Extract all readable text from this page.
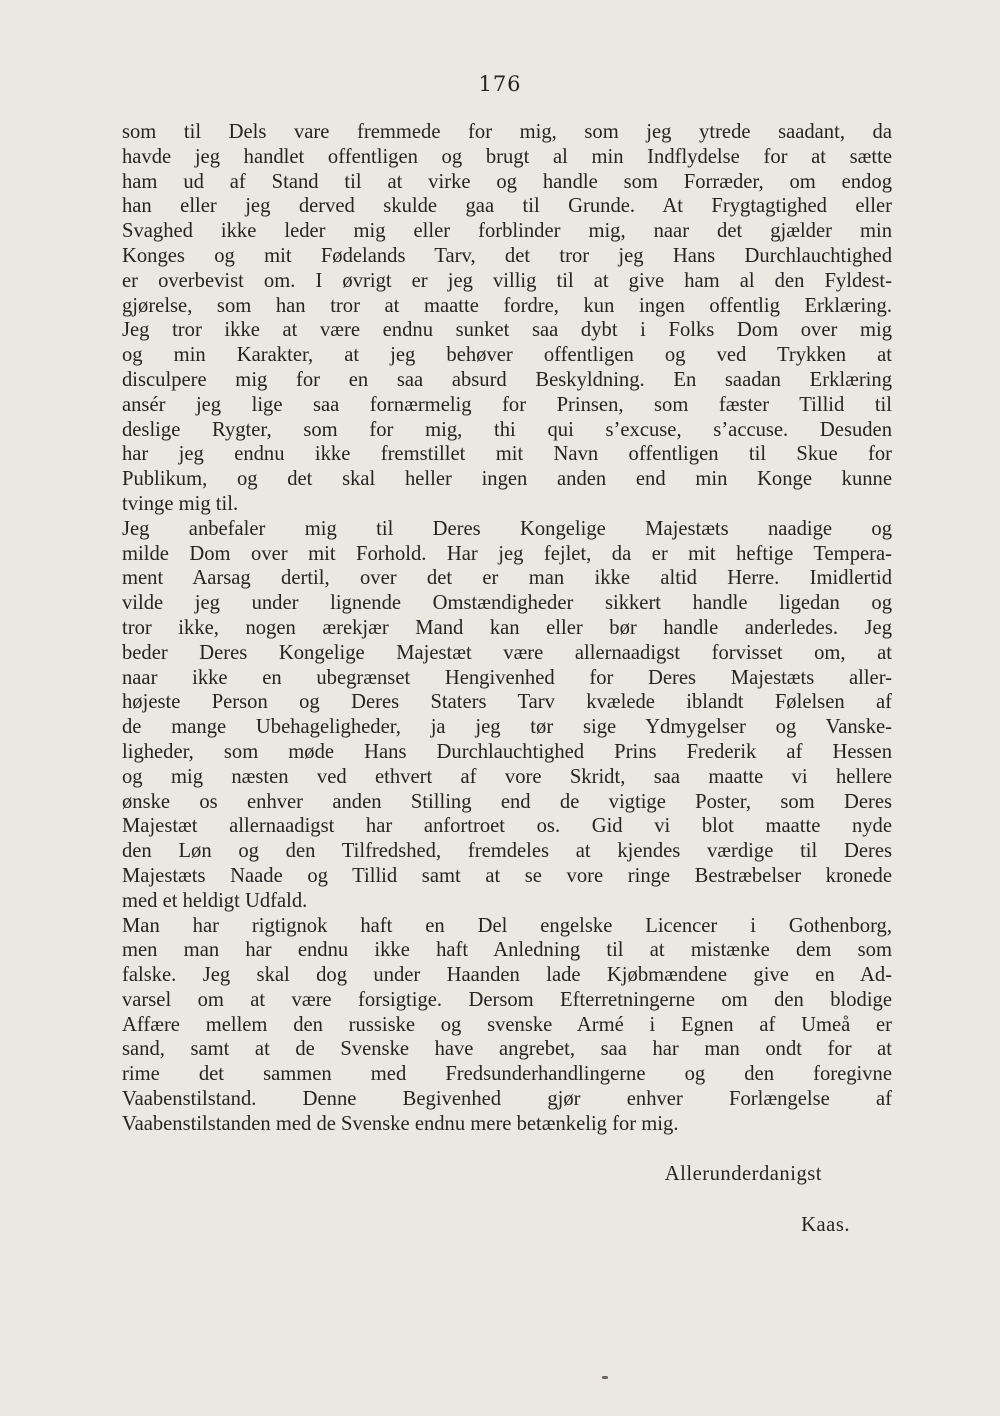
176
som til Dels vare fremmede for mig, som jeg ytrede saadant, da
havde jeg handlet offentligen og brugt al min Indflydelse for at sætte
ham ud af Stand til at virke og handle som Forræder, om endog
han eller jeg derved skulde gaa til Grunde. At Frygtagtighed eller
Svaghed ikke leder mig eller forblinder mig, naar det gjælder min
Konges og mit Fødelands Tarv, det tror jeg Hans Durchlauchtighed
er overbevist om. I øvrigt er jeg villig til at give ham al den Fyldest-
gjørelse, som han tror at maatte fordre, kun ingen offentlig Erklæring.
Jeg tror ikke at være endnu sunket saa dybt i Folks Dom over mig
og min Karakter, at jeg behøver offentligen og ved Trykken at
disculpere mig for en saa absurd Beskyldning. En saadan Erklæring
ansér jeg lige saa fornærmelig for Prinsen, som fæster Tillid til
deslige Rygter, som for mig, thi qui s’excuse, s’accuse. Desuden
har jeg endnu ikke fremstillet mit Navn offentligen til Skue for
Publikum, og det skal heller ingen anden end min Konge kunne
tvinge mig til.
Jeg anbefaler mig til Deres Kongelige Majestæts naadige og
milde Dom over mit Forhold. Har jeg fejlet, da er mit heftige Tempera-
ment Aarsag dertil, over det er man ikke altid Herre. Imidlertid
vilde jeg under lignende Omstændigheder sikkert handle ligedan og
tror ikke, nogen ærekjær Mand kan eller bør handle anderledes. Jeg
beder Deres Kongelige Majestæt være allernaadigst forvisset om, at
naar ikke en ubegrænset Hengivenhed for Deres Majestæts aller-
højeste Person og Deres Staters Tarv kvælede iblandt Følelsen af
de mange Ubehageligheder, ja jeg tør sige Ydmygelser og Vanske-
ligheder, som møde Hans Durchlauchtighed Prins Frederik af Hessen
og mig næsten ved ethvert af vore Skridt, saa maatte vi hellere
ønske os enhver anden Stilling end de vigtige Poster, som Deres
Majestæt allernaadigst har anfortroet os. Gid vi blot maatte nyde
den Løn og den Tilfredshed, fremdeles at kjendes værdige til Deres
Majestæts Naade og Tillid samt at se vore ringe Bestræbelser kronede
med et heldigt Udfald.
Man har rigtignok haft en Del engelske Licencer i Gothenborg,
men man har endnu ikke haft Anledning til at mistænke dem som
falske. Jeg skal dog under Haanden lade Kjøbmændene give en Ad-
varsel om at være forsigtige. Dersom Efterretningerne om den blodige
Affære mellem den russiske og svenske Armé i Egnen af Umeå er
sand, samt at de Svenske have angrebet, saa har man ondt for at
rime det sammen med Fredsunderhandlingerne og den foregivne
Vaabenstilstand. Denne Begivenhed gjør enhver Forlængelse af
Vaabenstilstanden med de Svenske endnu mere betænkelig for mig.
Allerunderdanigst
Kaas.
